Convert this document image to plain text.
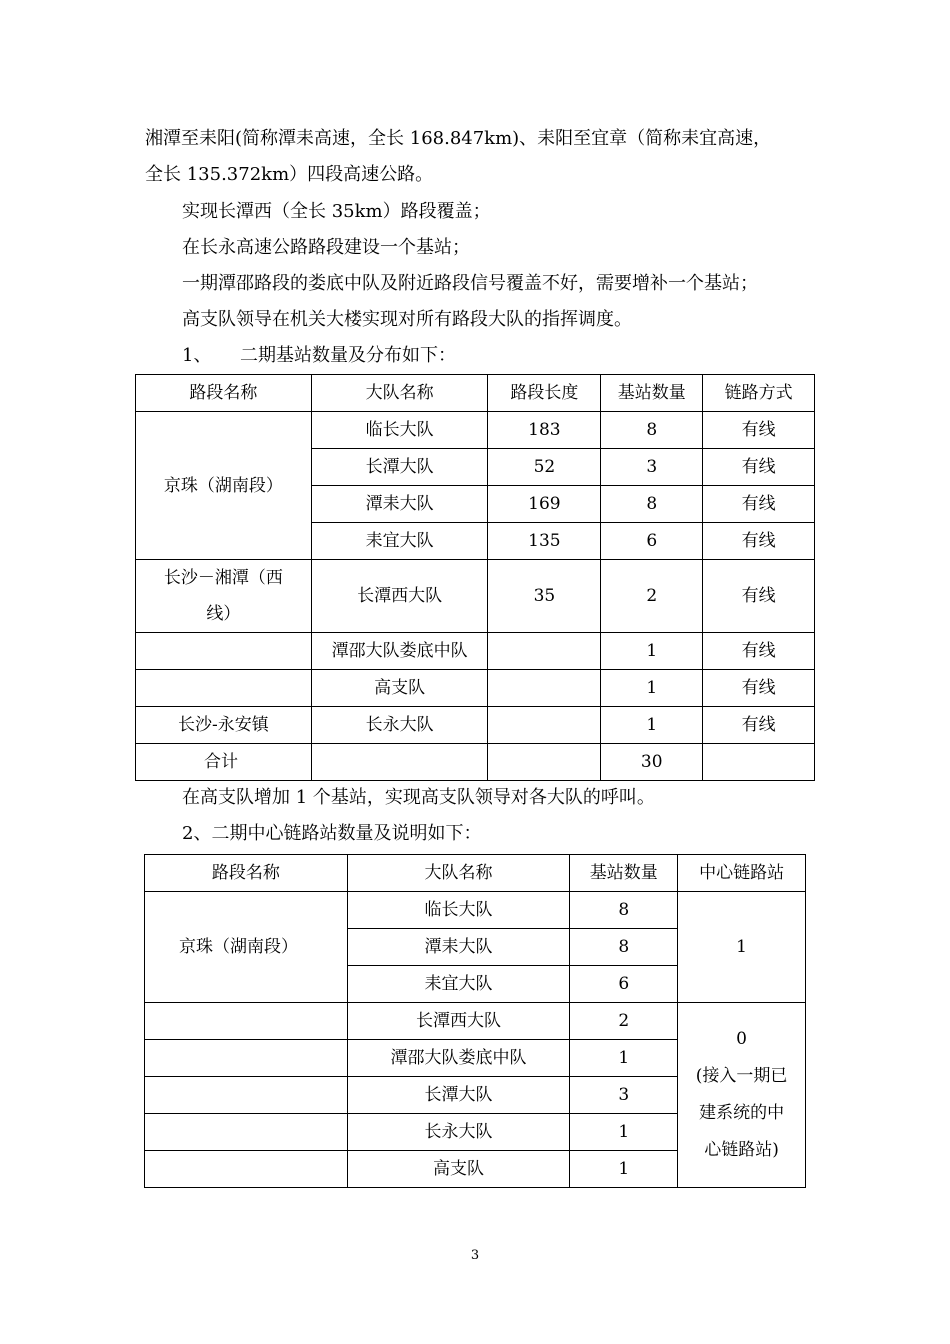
湘潭至耒阳(简称潭耒高速，全长 168.847km)、耒阳至宜章（简称耒宜高速，
全长 135.372km）四段高速公路。
实现长潭西（全长 35km）路段覆盖；
在长永高速公路路段建设一个基站；
一期潭邵路段的娄底中队及附近路段信号覆盖不好，需要增补一个基站；
高支队领导在机关大楼实现对所有路段大队的指挥调度。
1、     二期基站数量及分布如下：
路段名称	大队名称	路段长度	基站数量	链路方式
京珠（湖南段）	临长大队	183	8	有线
	长潭大队	52	3	有线
	潭耒大队	169	8	有线
	耒宜大队	135	6	有线
长沙－湘潭（西线）	长潭西大队	35	2	有线
	潭邵大队娄底中队		1	有线
	高支队		1	有线
长沙-永安镇	长永大队		1	有线
合计			30	
在高支队增加 1 个基站，实现高支队领导对各大队的呼叫。
2、二期中心链路站数量及说明如下：
路段名称	大队名称	基站数量	中心链路站
京珠（湖南段）	临长大队	8	1
	潭耒大队	8	
	耒宜大队	6	
	长潭西大队	2	0
(接入一期已
建系统的中
心链路站)

	潭邵大队娄底中队	1	
	长潭大队	3	
	长永大队	1	
	高支队	1	
3
